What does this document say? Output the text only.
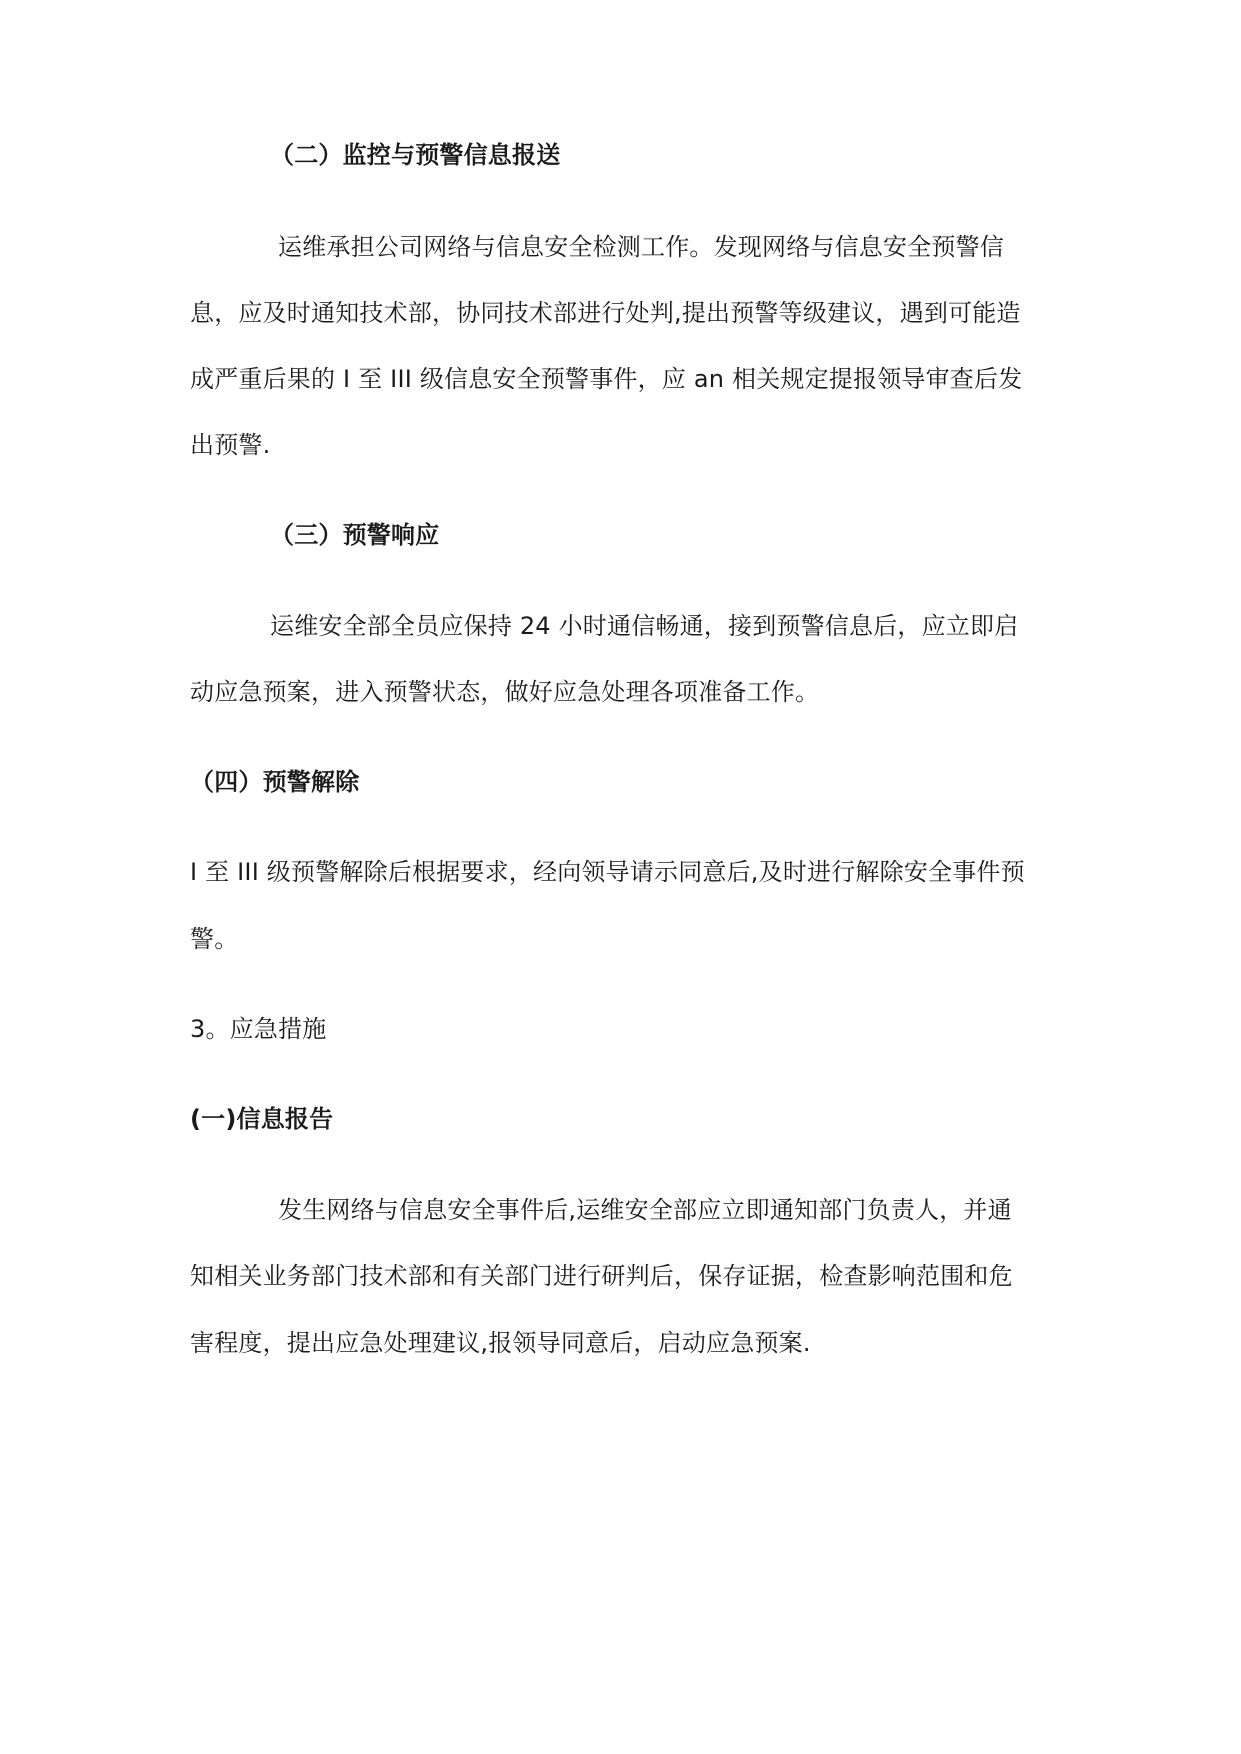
（二）监控与预警信息报送
运维承担公司网络与信息安全检测工作。发现网络与信息安全预警信
息，应及时通知技术部，协同技术部进行处判,提出预警等级建议，遇到可能造
成严重后果的 I 至 III 级信息安全预警事件，应 an 相关规定提报领导审查后发
出预警.
（三）预警响应
运维安全部全员应保持 24 小时通信畅通，接到预警信息后，应立即启
动应急预案，进入预警状态，做好应急处理各项准备工作。
（四）预警解除
I 至 III 级预警解除后根据要求，经向领导请示同意后,及时进行解除安全事件预
警。
3。应急措施
(一)信息报告
发生网络与信息安全事件后,运维安全部应立即通知部门负责人，并通
知相关业务部门技术部和有关部门进行研判后，保存证据，检查影响范围和危
害程度，提出应急处理建议,报领导同意后，启动应急预案.
